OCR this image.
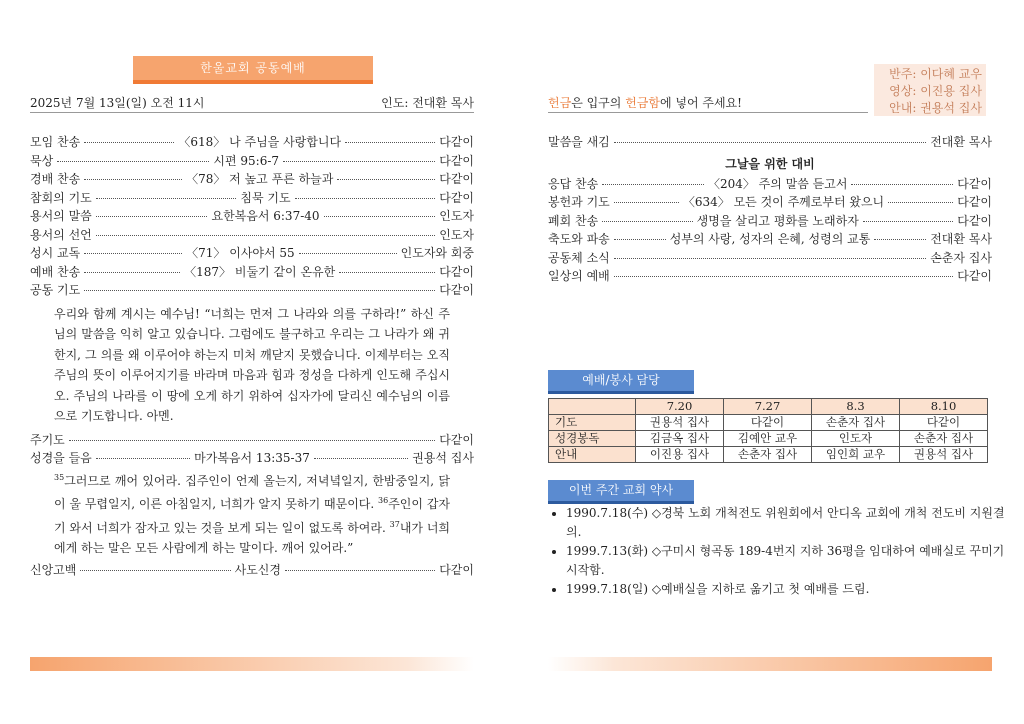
한울교회 공동예배
2025년 7월 13일(일) 오전 11시	인도: 전대환 목사
모임 찬송	〈618〉 나 주님을 사랑합니다	다같이
묵상	시편 95:6-7	다같이
경배 찬송	〈78〉 저 높고 푸른 하늘과	다같이
참회의 기도	침묵 기도	다같이
용서의 말씀	요한복음서 6:37-40	인도자
용서의 선언	인도자
성시 교독	〈71〉 이사야서 55	인도자와 회중
예배 찬송	〈187〉 비둘기 같이 온유한	다같이
공동 기도	다같이
우리와 함께 계시는 예수님! “너희는 먼저 그 나라와 의를 구하라!” 하신 주님의 말씀을 익히 알고 있습니다. 그럼에도 불구하고 우리는 그 나라가 왜 귀한지, 그 의를 왜 이루어야 하는지 미처 깨닫지 못했습니다. 이제부터는 오직 주님의 뜻이 이루어지기를 바라며 마음과 힘과 정성을 다하게 인도해 주십시오. 주님의 나라를 이 땅에 오게 하기 위하여 십자가에 달리신 예수님의 이름으로 기도합니다. 아멘.
주기도	다같이
성경을 들음	마가복음서 13:35-37	권용석 집사
$^{35}$그러므로 깨어 있어라. 집주인이 언제 올는지, 저녁녘일지, 한밤중일지, 닭이 울 무렵일지, 이른 아침일지, 너희가 알지 못하기 때문이다. $^{36}$주인이 갑자기 와서 너희가 잠자고 있는 것을 보게 되는 일이 없도록 하여라. $^{37}$내가 너희에게 하는 말은 모든 사람에게 하는 말이다. 깨어 있어라.”
신앙고백	사도신경	다같이
헌금은 입구의 헌금함에 넣어 주세요!
반주: 이다혜 교우
영상: 이진용 집사
안내: 권용석 집사
말씀을 새김	전대환 목사
그날을 위한 대비
응답 찬송	〈204〉 주의 말씀 듣고서	다같이
봉헌과 기도	〈634〉 모든 것이 주께로부터 왔으니	다같이
폐회 찬송	생명을 살리고 평화를 노래하자	다같이
축도와 파송	성부의 사랑, 성자의 은혜, 성령의 교통	전대환 목사
공동체 소식	손춘자 집사
일상의 예배	다같이
예배/봉사 담당
	7.20	7.27	8.3	8.10
기도	권용석 집사	다같이	손춘자 집사	다같이
성경봉독	김금옥 집사	김예안 교우	인도자	손춘자 집사
안내	이진용 집사	손춘자 집사	임인희 교우	권용석 집사
이번 주간 교회 약사
• 1990.7.18(수) ◇경북 노회 개척전도 위원회에서 안디옥 교회에 개척 전도비 지원결의.
• 1999.7.13(화) ◇구미시 형곡동 189-4번지 지하 36평을 임대하여 예배실로 꾸미기 시작함.
• 1999.7.18(일) ◇예배실을 지하로 옮기고 첫 예배를 드림.
